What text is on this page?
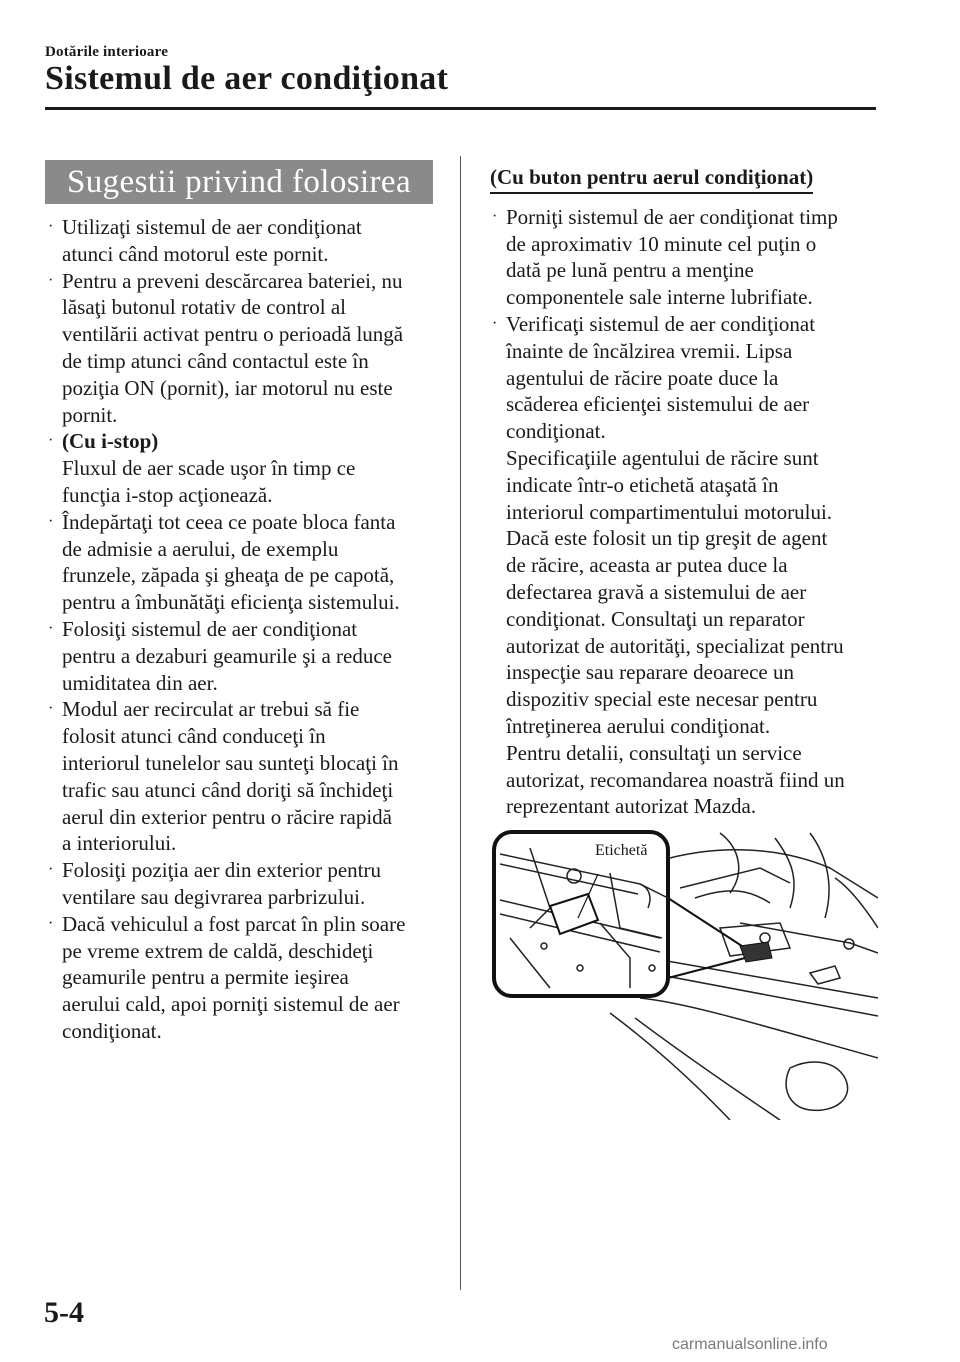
Dotările interioare
Sistemul de aer condiţionat
Sugestii privind folosirea
· Utilizaţi sistemul de aer condiţionat
atunci când motorul este pornit.
· Pentru a preveni descărcarea bateriei, nu
lăsaţi butonul rotativ de control al
ventilării activat pentru o perioadă lungă
de timp atunci când contactul este în
poziţia ON (pornit), iar motorul nu este
pornit.
· (Cu i-stop)
Fluxul de aer scade uşor în timp ce
funcţia i-stop acţionează.
· Îndepărtaţi tot ceea ce poate bloca fanta
de admisie a aerului, de exemplu
frunzele, zăpada şi gheaţa de pe capotă,
pentru a îmbunătăţi eficienţa sistemului.
· Folosiţi sistemul de aer condiţionat
pentru a dezaburi geamurile şi a reduce
umiditatea din aer.
· Modul aer recirculat ar trebui să fie
folosit atunci când conduceţi în
interiorul tunelelor sau sunteţi blocaţi în
trafic sau atunci când doriţi să închideţi
aerul din exterior pentru o răcire rapidă
a interiorului.
· Folosiţi poziţia aer din exterior pentru
ventilare sau degivrarea parbrizului.
· Dacă vehiculul a fost parcat în plin soare
pe vreme extrem de caldă, deschideţi
geamurile pentru a permite ieşirea
aerului cald, apoi porniţi sistemul de aer
condiţionat.
(Cu buton pentru aerul condiţionat)
· Porniţi sistemul de aer condiţionat timp
de aproximativ 10 minute cel puţin o
dată pe lună pentru a menţine
componentele sale interne lubrifiate.
· Verificaţi sistemul de aer condiţionat
înainte de încălzirea vremii. Lipsa
agentului de răcire poate duce la
scăderea eficienţei sistemului de aer
condiţionat.
Specificaţiile agentului de răcire sunt
indicate într-o etichetă ataşată în
interiorul compartimentului motorului.
Dacă este folosit un tip greşit de agent
de răcire, aceasta ar putea duce la
defectarea gravă a sistemului de aer
condiţionat. Consultaţi un reparator
autorizat de autorităţi, specializat pentru
inspecţie sau reparare deoarece un
dispozitiv special este necesar pentru
întreţinerea aerului condiţionat.
Pentru detalii, consultaţi un service
autorizat, recomandarea noastră fiind un
reprezentant autorizat Mazda.
Etichetă
5-4
carmanualsonline.info
